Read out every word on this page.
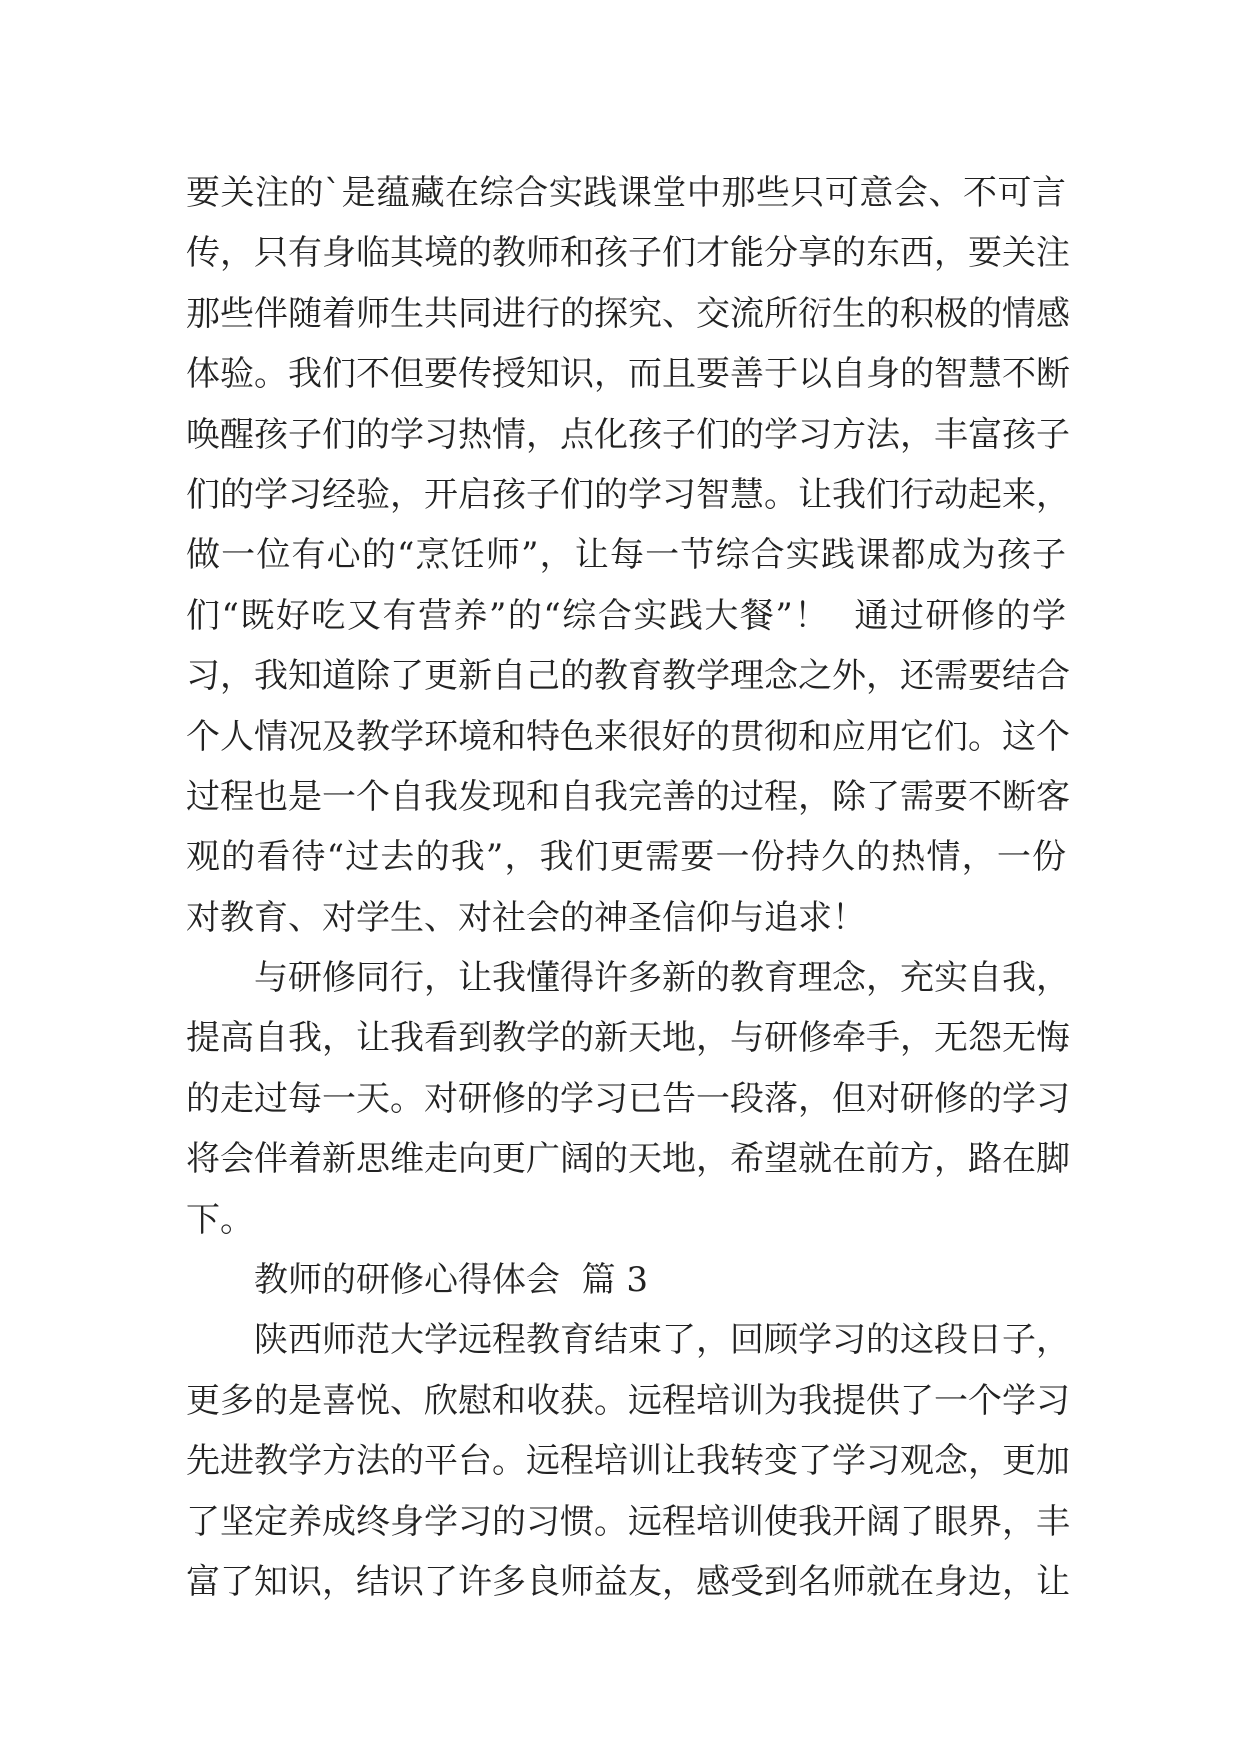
要关注的`是蕴藏在综合实践课堂中那些只可意会、不可言
传，只有身临其境的教师和孩子们才能分享的东西，要关注
那些伴随着师生共同进行的探究、交流所衍生的积极的情感
体验。我们不但要传授知识，而且要善于以自身的智慧不断
唤醒孩子们的学习热情，点化孩子们的学习方法，丰富孩子
们的学习经验，开启孩子们的学习智慧。让我们行动起来，
做一位有心的“烹饪师”，让每一节综合实践课都成为孩子
们“既好吃又有营养”的“综合实践大餐”！  通过研修的学
习，我知道除了更新自己的教育教学理念之外，还需要结合
个人情况及教学环境和特色来很好的贯彻和应用它们。这个
过程也是一个自我发现和自我完善的过程，除了需要不断客
观的看待“过去的我”，我们更需要一份持久的热情，一份
对教育、对学生、对社会的神圣信仰与追求！
与研修同行，让我懂得许多新的教育理念，充实自我，
提高自我，让我看到教学的新天地，与研修牵手，无怨无悔
的走过每一天。对研修的学习已告一段落，但对研修的学习
将会伴着新思维走向更广阔的天地，希望就在前方，路在脚
下。
教师的研修心得体会  篇 3
陕西师范大学远程教育结束了，回顾学习的这段日子，
更多的是喜悦、欣慰和收获。远程培训为我提供了一个学习
先进教学方法的平台。远程培训让我转变了学习观念，更加
了坚定养成终身学习的习惯。远程培训使我开阔了眼界，丰
富了知识，结识了许多良师益友，感受到名师就在身边，让
